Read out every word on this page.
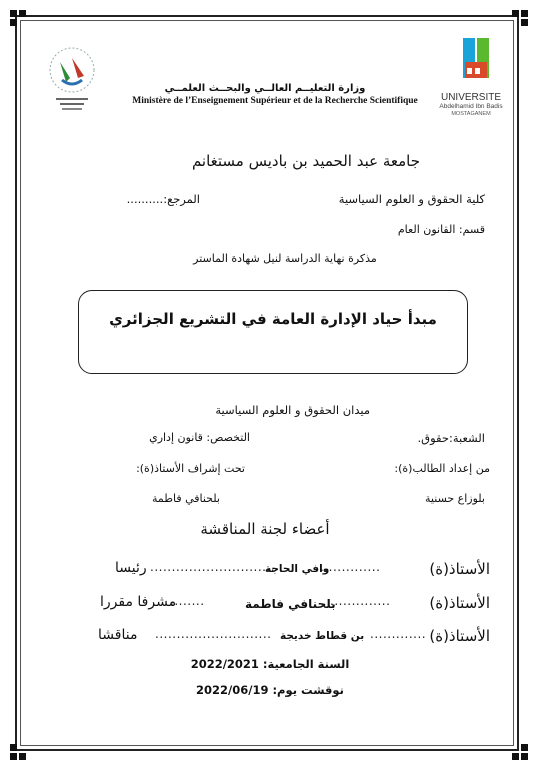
UNIVERSITE
Abdelhamid Ibn Badis
MOSTAGANEM
وزارة التعليــم العالــي والبحــث العلمــي
Ministère de l’Enseignement Supérieur et de la Recherche Scientifique
جامعة عبد الحميد بن باديس مستغانم
كلية الحقوق و العلوم السياسية
المرجع:..........
قسم: القانون العام
مذكرة نهاية الدراسة لنيل شهادة الماستر
مبدأ حياد الإدارة العامة في التشريع الجزائري
ميدان الحقوق و العلوم السياسية
الشعبة:حقوق.
التخصص: قانون إداري
من إعداد الطالب(ة):
تحت إشراف الأستاذ(ة):
بلوزاع حسنية
بلحنافي فاطمة
أعضاء لجنة المناقشة
الأستاذ(ة)
..............
وافي الحاجة
.............................
رئيسا
الأستاذ(ة)
..............
بلحنافي فاطمة
........
مشرفا مقررا
الأستاذ(ة)
.............
بن قطاط خديجة
...........................
مناقشا
السنة الجامعية: 2022/2021
نوقشت يوم: 2022/06/19
